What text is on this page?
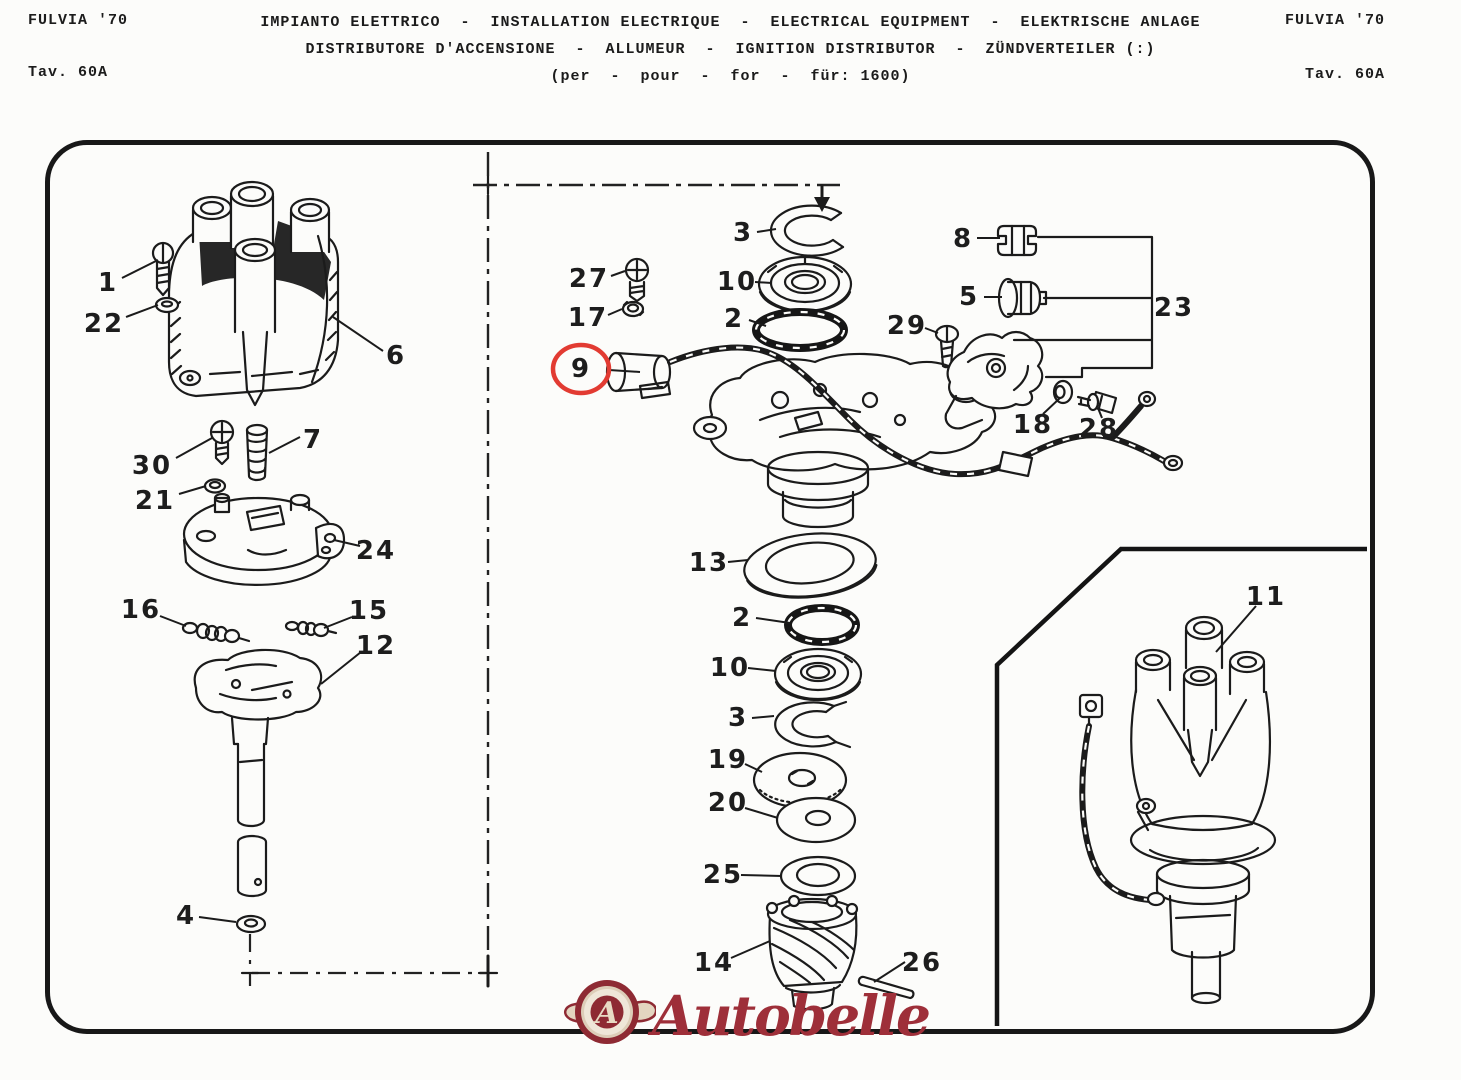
FULVIA '70
Tav. 60A
FULVIA '70
Tav. 60A
IMPIANTO ELETTRICO  -  INSTALLATION ELECTRIQUE  -  ELECTRICAL EQUIPMENT  -  ELEKTRISCHE ANLAGE
DISTRIBUTORE D'ACCENSIONE  -  ALLUMEUR  -  IGNITION DISTRIBUTOR  -  ZÜNDVERTEILER (:)
(per  -  pour  -  for  -  für: 1600)
1
22
6
30
21
7
24
16	15
12
4
27
17
9
3
10
2	29
8
5	23
18 28
13
2
10
3
19
20
25
14	26
11
A Autobelle
